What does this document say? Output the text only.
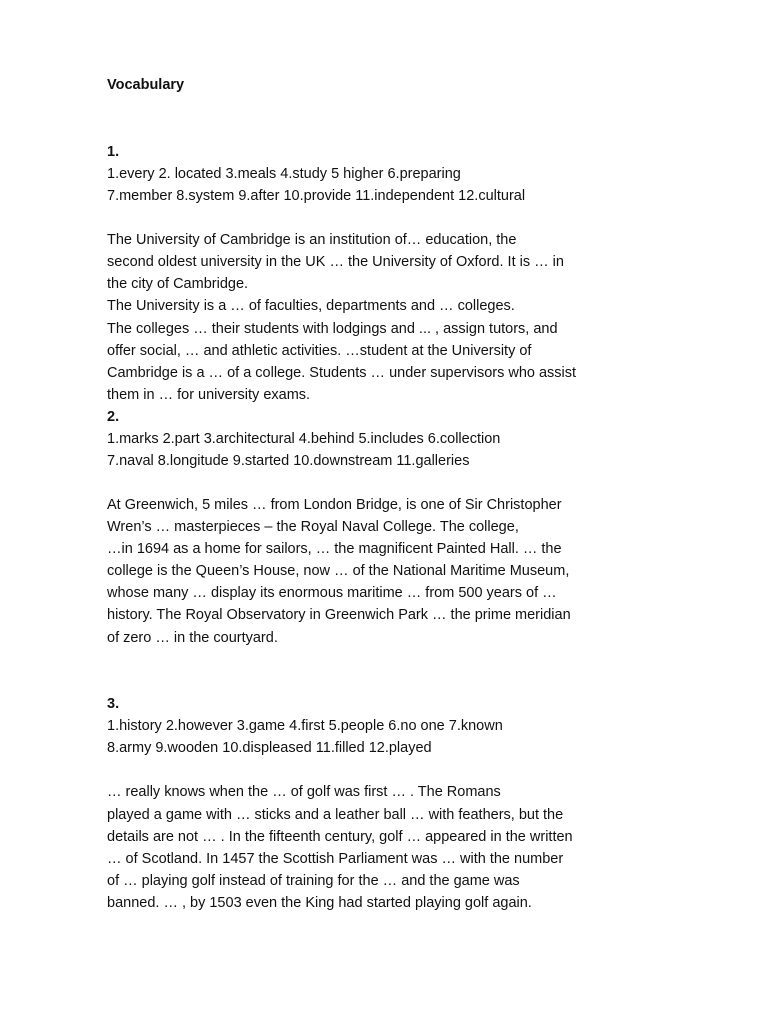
Vocabulary
1.
1.every 2. located 3.meals 4.study 5 higher 6.preparing
7.member 8.system 9.after 10.provide 11.independent 12.cultural
The University of Cambridge is an institution of… education, the
second oldest university in the UK … the University of Oxford. It is … in
the city of Cambridge.
The University is a … of faculties, departments and … colleges.
The colleges … their students with lodgings and ... , assign tutors, and
offer social, … and athletic activities. …student at the University of
Cambridge is a … of a college. Students … under supervisors who assist
them in … for university exams.
2.
1.marks 2.part 3.architectural 4.behind 5.includes 6.collection
7.naval 8.longitude 9.started 10.downstream 11.galleries
At Greenwich, 5 miles … from London Bridge, is one of Sir Christopher
Wren’s … masterpieces – the Royal Naval College. The college,
…in 1694 as a home for sailors, … the magnificent Painted Hall. … the
college is the Queen’s House, now … of the National Maritime Museum,
whose many … display its enormous maritime … from 500 years of …
history. The Royal Observatory in Greenwich Park … the prime meridian
of zero … in the courtyard.
3.
1.history 2.however 3.game 4.first 5.people 6.no one 7.known
8.army 9.wooden 10.displeased 11.filled 12.played
… really knows when the … of golf was first … . The Romans
played a game with … sticks and a leather ball … with feathers, but the
details are not … . In the fifteenth century, golf … appeared in the written
… of Scotland. In 1457 the Scottish Parliament was … with the number
of … playing golf instead of training for the … and the game was
banned. … , by 1503 even the King had started playing golf again.
